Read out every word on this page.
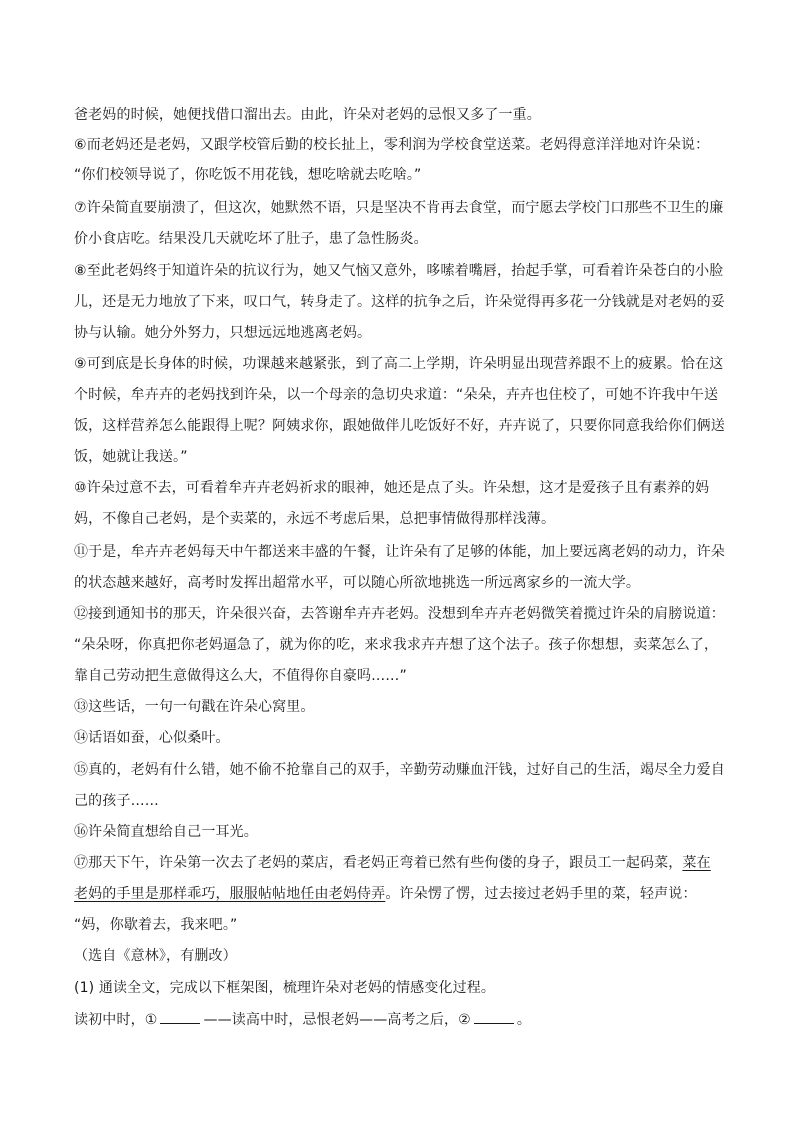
爸老妈的时候，她便找借口溜出去。由此，许朵对老妈的忌恨又多了一重。
⑥而老妈还是老妈，又跟学校管后勤的校长扯上，零利润为学校食堂送菜。老妈得意洋洋地对许朵说：
“你们校领导说了，你吃饭不用花钱，想吃啥就去吃啥。”
⑦许朵简直要崩溃了，但这次，她默然不语，只是坚决不肯再去食堂，而宁愿去学校门口那些不卫生的廉
价小食店吃。结果没几天就吃坏了肚子，患了急性肠炎。
⑧至此老妈终于知道许朵的抗议行为，她又气恼又意外，哆嗦着嘴唇，抬起手掌，可看着许朵苍白的小脸
儿，还是无力地放了下来，叹口气，转身走了。这样的抗争之后，许朵觉得再多花一分钱就是对老妈的妥
协与认输。她分外努力，只想远远地逃离老妈。
⑨可到底是长身体的时候，功课越来越紧张，到了高二上学期，许朵明显出现营养跟不上的疲累。恰在这
个时候，牟卉卉的老妈找到许朵，以一个母亲的急切央求道：“朵朵，卉卉也住校了，可她不许我中午送
饭，这样营养怎么能跟得上呢？阿姨求你，跟她做伴儿吃饭好不好，卉卉说了，只要你同意我给你们俩送
饭，她就让我送。”
⑩许朵过意不去，可看着牟卉卉老妈祈求的眼神，她还是点了头。许朵想，这才是爱孩子且有素养的妈
妈，不像自己老妈，是个卖菜的，永远不考虑后果，总把事情做得那样浅薄。
⑪于是，牟卉卉老妈每天中午都送来丰盛的午餐，让许朵有了足够的体能，加上要远离老妈的动力，许朵
的状态越来越好，高考时发挥出超常水平，可以随心所欲地挑选一所远离家乡的一流大学。
⑫接到通知书的那天，许朵很兴奋，去答谢牟卉卉老妈。没想到牟卉卉老妈微笑着揽过许朵的肩膀说道：
“朵朵呀，你真把你老妈逼急了，就为你的吃，来求我求卉卉想了这个法子。孩子你想想，卖菜怎么了，
靠自己劳动把生意做得这么大，不值得你自豪吗……”
⑬这些话，一句一句戳在许朵心窝里。
⑭话语如蚕，心似桑叶。
⑮真的，老妈有什么错，她不偷不抢靠自己的双手，辛勤劳动赚血汗钱，过好自己的生活，竭尽全力爱自
己的孩子……
⑯许朵简直想给自己一耳光。
⑰那天下午，许朵第一次去了老妈的菜店，看老妈正弯着已然有些佝偻的身子，跟员工一起码菜，菜在
老妈的手里是那样乖巧，服服帖帖地任由老妈侍弄。许朵愣了愣，过去接过老妈手里的菜，轻声说：
“妈，你歇着去，我来吧。”
（选自《意林》，有删改）
(1) 通读全文，完成以下框架图，梳理许朵对老妈的情感变化过程。
读初中时，①	——读高中时，忌恨老妈——高考之后，②	。
